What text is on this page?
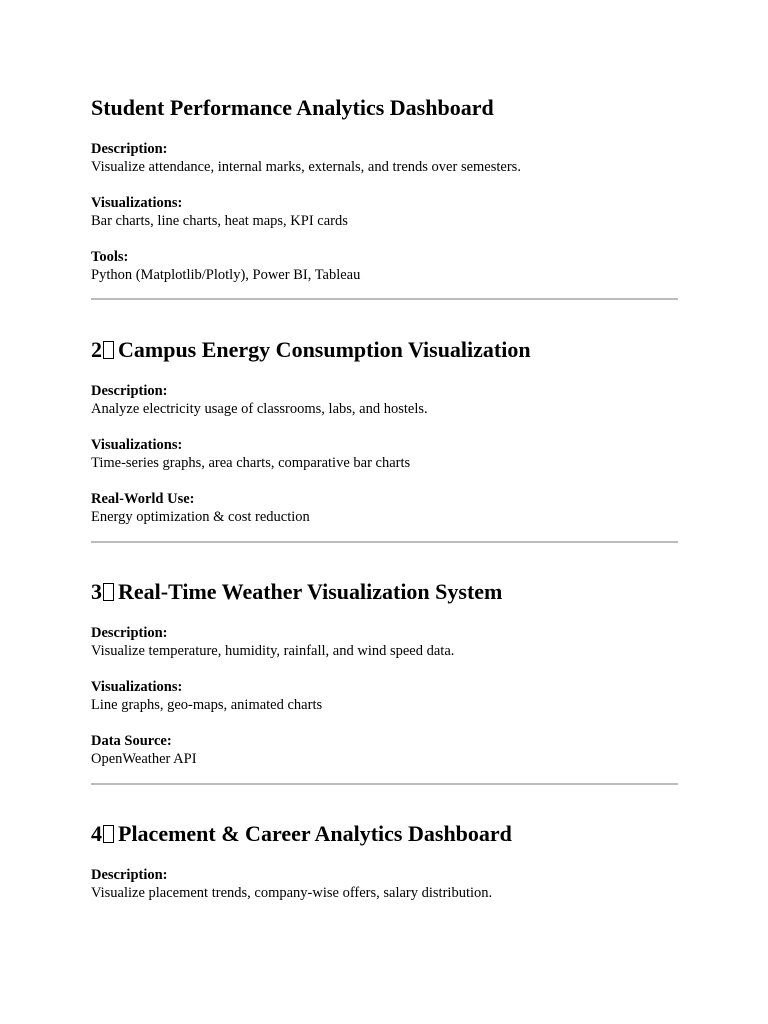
Student Performance Analytics Dashboard
Description:
Visualize attendance, internal marks, externals, and trends over semesters.
Visualizations:
Bar charts, line charts, heat maps, KPI cards
Tools:
Python (Matplotlib/Plotly), Power BI, Tableau
2 Campus Energy Consumption Visualization
Description:
Analyze electricity usage of classrooms, labs, and hostels.
Visualizations:
Time-series graphs, area charts, comparative bar charts
Real-World Use:
Energy optimization & cost reduction
3 Real-Time Weather Visualization System
Description:
Visualize temperature, humidity, rainfall, and wind speed data.
Visualizations:
Line graphs, geo-maps, animated charts
Data Source:
OpenWeather API
4 Placement & Career Analytics Dashboard
Description:
Visualize placement trends, company-wise offers, salary distribution.
